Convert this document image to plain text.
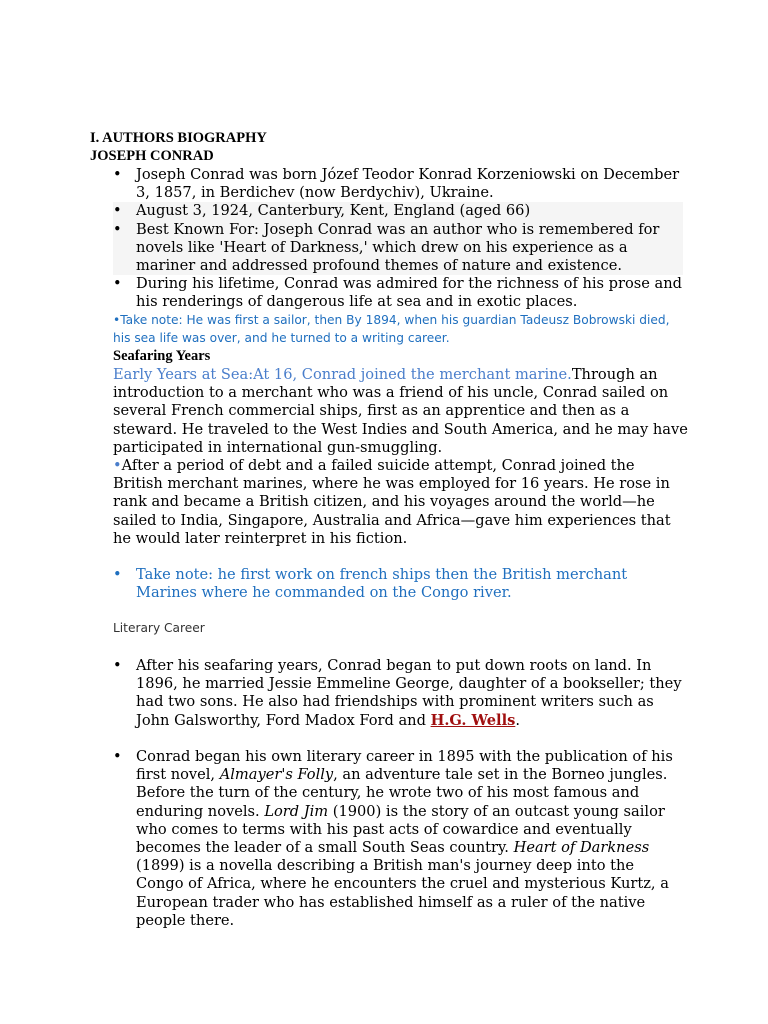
I. AUTHORS BIOGRAPHY
JOSEPH CONRAD
• Joseph Conrad was born Józef Teodor Konrad Korzeniowski on December 3, 1857, in Berdichev (now Berdychiv), Ukraine.
• August 3, 1924, Canterbury, Kent, England (aged 66)
• Best Known For: Joseph Conrad was an author who is remembered for novels like 'Heart of Darkness,' which drew on his experience as a mariner and addressed profound themes of nature and existence.
• During his lifetime, Conrad was admired for the richness of his prose and his renderings of dangerous life at sea and in exotic places.
•Take note: He was first a sailor, then By 1894, when his guardian Tadeusz Bobrowski died, his sea life was over, and he turned to a writing career.
Seafaring Years
Early Years at Sea:At 16, Conrad joined the merchant marine.Through an introduction to a merchant who was a friend of his uncle, Conrad sailed on several French commercial ships, first as an apprentice and then as a steward. He traveled to the West Indies and South America, and he may have participated in international gun-smuggling.
•After a period of debt and a failed suicide attempt, Conrad joined the British merchant marines, where he was employed for 16 years. He rose in rank and became a British citizen, and his voyages around the world—he sailed to India, Singapore, Australia and Africa—gave him experiences that he would later reinterpret in his fiction.
• Take note: he first work on french ships then the British merchant Marines where he commanded on the Congo river.
Literary Career
• After his seafaring years, Conrad began to put down roots on land. In 1896, he married Jessie Emmeline George, daughter of a bookseller; they had two sons. He also had friendships with prominent writers such as John Galsworthy, Ford Madox Ford and H.G. Wells.
• Conrad began his own literary career in 1895 with the publication of his first novel, Almayer's Folly, an adventure tale set in the Borneo jungles. Before the turn of the century, he wrote two of his most famous and enduring novels. Lord Jim (1900) is the story of an outcast young sailor who comes to terms with his past acts of cowardice and eventually becomes the leader of a small South Seas country. Heart of Darkness (1899) is a novella describing a British man's journey deep into the Congo of Africa, where he encounters the cruel and mysterious Kurtz, a European trader who has established himself as a ruler of the native people there.
